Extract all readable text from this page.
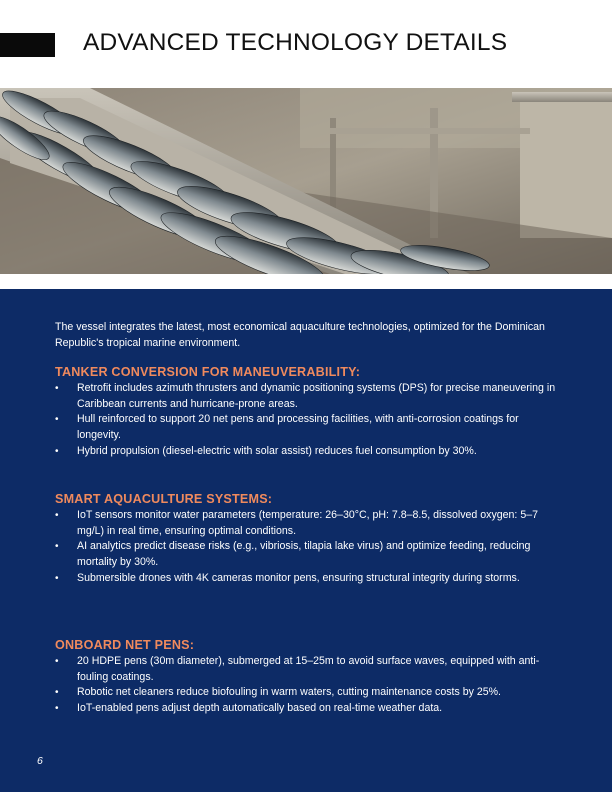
ADVANCED TECHNOLOGY DETAILS
The vessel integrates the latest, most economical aquaculture technologies, optimized for the Dominican Republic's tropical marine environment.
TANKER CONVERSION FOR MANEUVERABILITY:
• Retrofit includes azimuth thrusters and dynamic positioning systems (DPS) for precise maneuvering in Caribbean currents and hurricane-prone areas.
• Hull reinforced to support 20 net pens and processing facilities, with anti-corrosion coatings for longevity.
• Hybrid propulsion (diesel-electric with solar assist) reduces fuel consumption by 30%.
SMART AQUACULTURE SYSTEMS:
• IoT sensors monitor water parameters (temperature: 26–30°C, pH: 7.8–8.5, dissolved oxygen: 5–7 mg/L) in real time, ensuring optimal conditions.
• AI analytics predict disease risks (e.g., vibriosis, tilapia lake virus) and optimize feeding, reducing mortality by 30%.
• Submersible drones with 4K cameras monitor pens, ensuring structural integrity during storms.
ONBOARD NET PENS:
• 20 HDPE pens (30m diameter), submerged at 15–25m to avoid surface waves, equipped with anti-fouling coatings.
• Robotic net cleaners reduce biofouling in warm waters, cutting maintenance costs by 25%.
• IoT-enabled pens adjust depth automatically based on real-time weather data.
6
